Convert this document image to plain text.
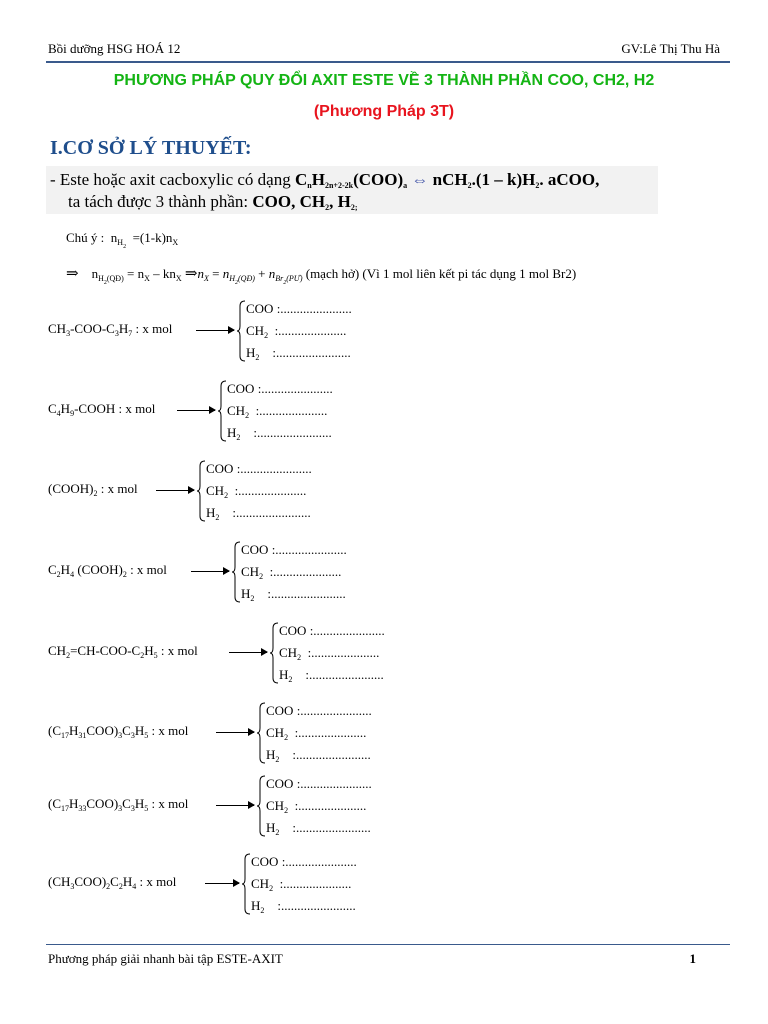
Bồi dưỡng HSG HOÁ 12	GV:Lê Thị Thu Hà
PHƯƠNG PHÁP QUY ĐỔI AXIT ESTE VỀ 3 THÀNH PHẦN COO, CH2, H2
(Phương Pháp 3T)
I.CƠ SỞ LÝ THUYẾT:
- Este hoặc axit cacboxylic có dạng $C_nH_{2n+2-2k}(COO)_a$ ⇔ $nCH_2.(1 - k)H_2$. aCOO,
ta tách được 3 thành phần: COO, $CH_2$, $H_{2;}$
Chú ý :  $n_{H_2} =(1-k)n_X$
⇒    $n_{H_2(QĐ)} = n_X - kn_X$ $\Rightarrow n_X = n_{H_2(QĐ)} + n_{Br_2(PƯ)}$ (mạch hở) (Vì 1 mol liên kết pi tác dụng 1 mol Br2)
$CH_3-COO-C_3H_7$ : x mol
COO :......................
$CH_2$  :.....................
$H_2$    :.......................
$C_4H_9$-COOH : x mol
COO :......................
$CH_2$  :.....................
$H_2$    :.......................
$(COOH)_2$ : x mol
COO :......................
$CH_2$  :.....................
$H_2$    :.......................
$C_2H_4$ $(COOH)_2$ : x mol
COO :......................
$CH_2$  :.....................
$H_2$    :.......................
$CH_2=CH-COO-C_2H_5$ : x mol
COO :......................
$CH_2$  :.....................
$H_2$    :.......................
$(C_{17}H_{31}COO)_3C_3H_5$ : x mol
COO :......................
$CH_2$  :.....................
$H_2$    :.......................
$(C_{17}H_{33}COO)_3C_3H_5$ : x mol
COO :......................
$CH_2$  :.....................
$H_2$    :.......................
$(CH_3COO)_2C_2H_4$ : x mol
COO :......................
$CH_2$  :.....................
$H_2$    :.......................
Phương pháp giải nhanh bài tập ESTE-AXIT	1
